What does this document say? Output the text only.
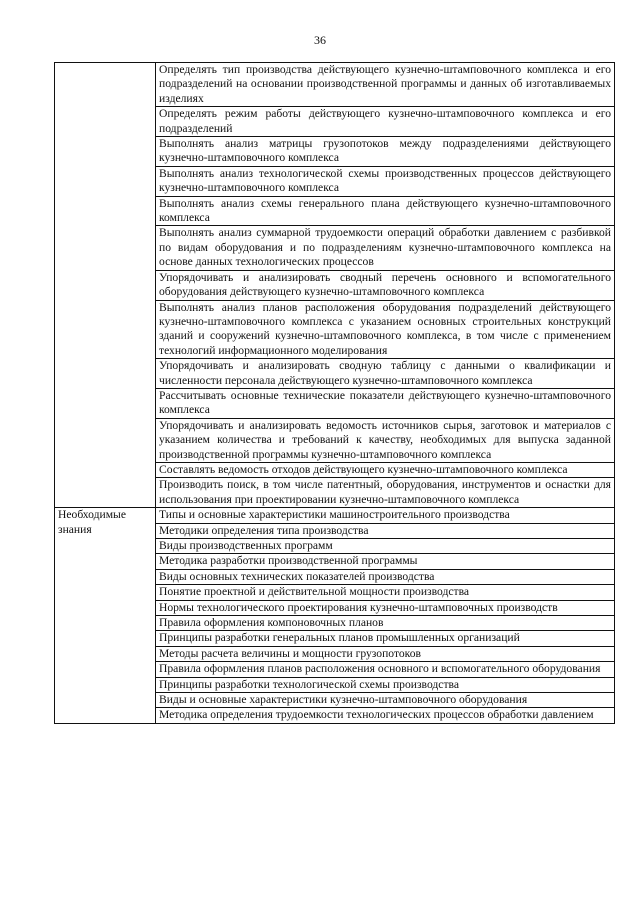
36
	Определять тип производства действующего кузнечно-штамповочного комплекса и его подразделений на основании производственной программы и данных об изготавливаемых изделиях
	Определять режим работы действующего кузнечно-штамповочного комплекса и его подразделений
	Выполнять анализ матрицы грузопотоков между подразделениями действующего кузнечно-штамповочного комплекса
	Выполнять анализ технологической схемы производственных процессов действующего кузнечно-штамповочного комплекса
	Выполнять анализ схемы генерального плана действующего кузнечно-штамповочного комплекса
	Выполнять анализ суммарной трудоемкости операций обработки давлением с разбивкой по видам оборудования и по подразделениям кузнечно-штамповочного комплекса на основе данных технологических процессов
	Упорядочивать и анализировать сводный перечень основного и вспомогательного оборудования действующего кузнечно-штамповочного комплекса
	Выполнять анализ планов расположения оборудования подразделений действующего кузнечно-штамповочного комплекса с указанием основных строительных конструкций зданий и сооружений кузнечно-штамповочного комплекса, в том числе с применением технологий информационного моделирования
	Упорядочивать и анализировать сводную таблицу с данными о квалификации и численности персонала действующего кузнечно-штамповочного комплекса
	Рассчитывать основные технические показатели действующего кузнечно-штамповочного комплекса
	Упорядочивать и анализировать ведомость источников сырья, заготовок и материалов с указанием количества и требований к качеству, необходимых для выпуска заданной производственной программы кузнечно-штамповочного комплекса
	Составлять ведомость отходов действующего кузнечно-штамповочного комплекса
	Производить поиск, в том числе патентный, оборудования, инструментов и оснастки для использования при проектировании кузнечно-штамповочного комплекса
Необходимые знания	Типы и основные характеристики машиностроительного производства
	Методики определения типа производства
	Виды производственных программ
	Методика разработки производственной программы
	Виды основных технических показателей производства
	Понятие проектной и действительной мощности производства
	Нормы технологического проектирования кузнечно-штамповочных производств
	Правила оформления компоновочных планов
	Принципы разработки генеральных планов промышленных организаций
	Методы расчета величины и мощности грузопотоков
	Правила оформления планов расположения основного и вспомогательного оборудования
	Принципы разработки технологической схемы производства
	Виды и основные характеристики кузнечно-штамповочного оборудования
	Методика определения трудоемкости технологических процессов обработки давлением
